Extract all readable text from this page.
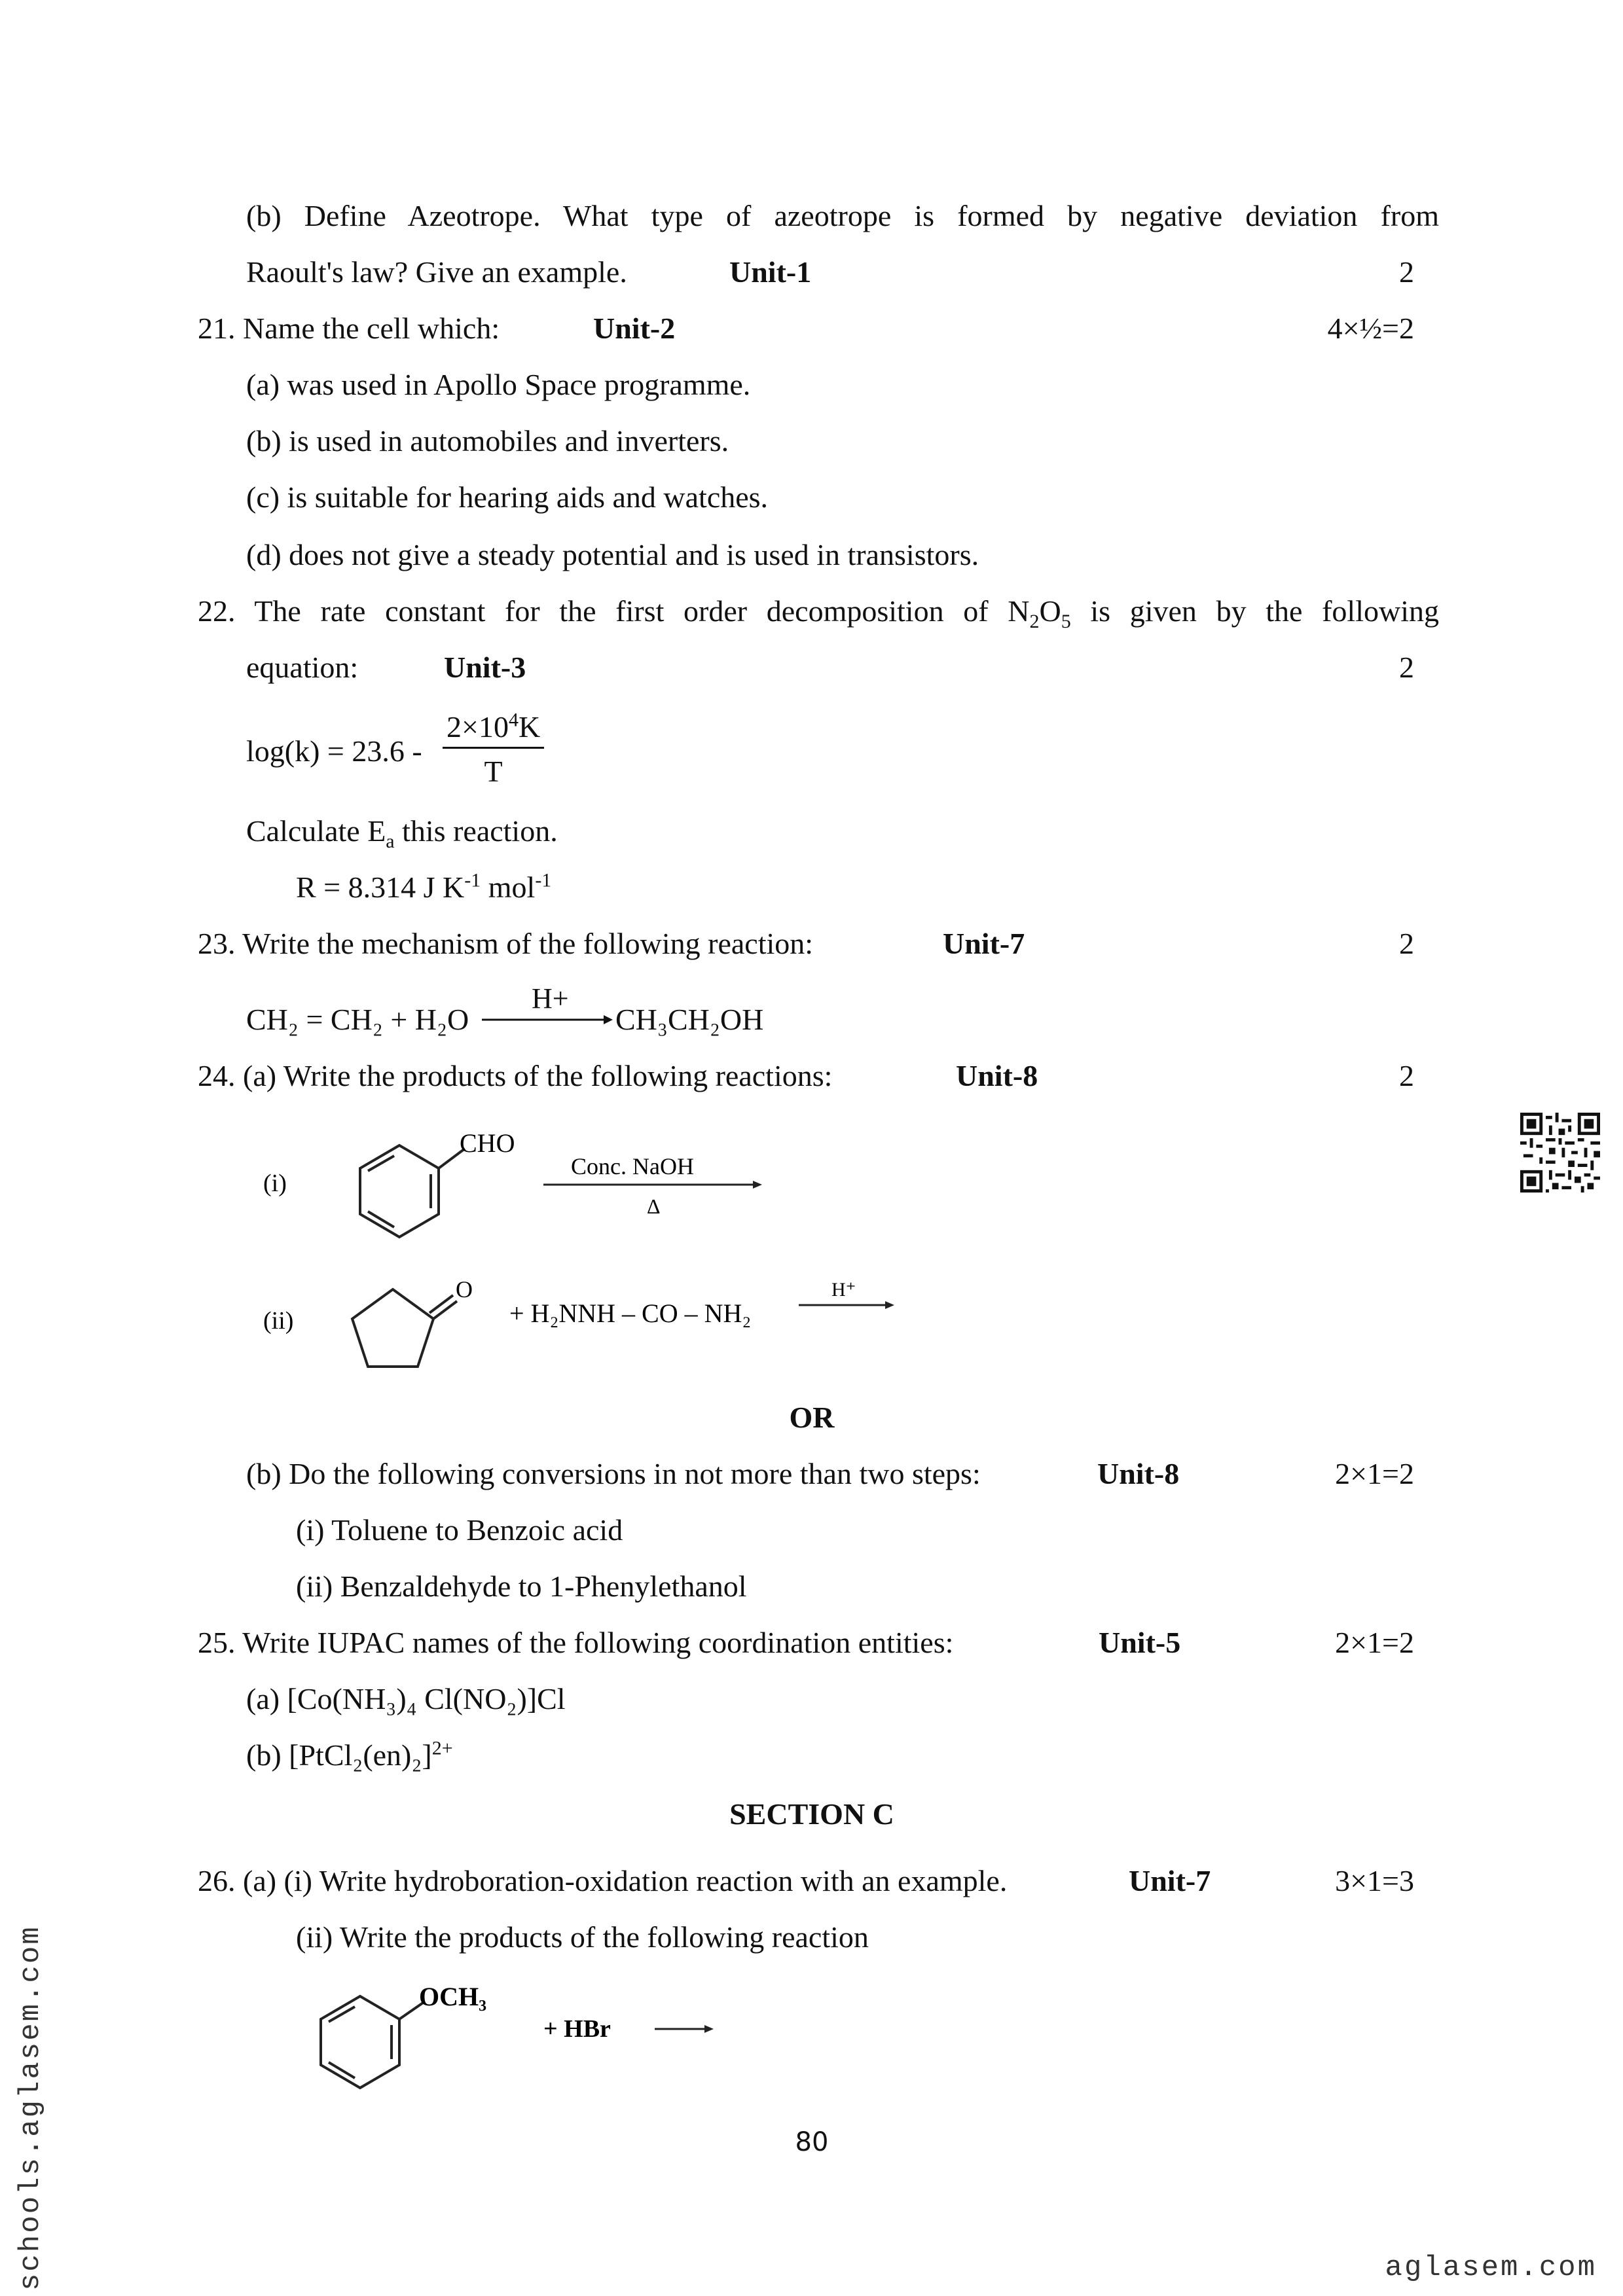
(b) Define Azeotrope. What type of azeotrope is formed by negative deviation from
Raoult's law? Give an example.	Unit-1	2
21. Name the cell which:	Unit-2	4×½=2
(a) was used in Apollo Space programme.
(b) is used in automobiles and inverters.
(c) is suitable for hearing aids and watches.
(d) does not give a steady potential and is used in transistors.
22. The rate constant for the first order decomposition of $N_2O_5$ is given by the following
equation:	Unit-3	2
$\log(k) = 23.6 - \frac{2\times 10^4K}{T}$
Calculate $E_a$ this reaction.
R = 8.314 J $K^{-1}$ mol$^{-1}$
23. Write the mechanism of the following reaction:	Unit-7	2
CH₂ = CH₂ + H₂O
H+
CH₃CH₂OH
24. (a) Write the products of the following reactions:	Unit-8	2
(i)
CHO
Conc. NaOH
Δ
(ii)
O
+ H₂NNH – CO – NH₂
H⁺
OR
(b) Do the following conversions in not more than two steps:	Unit-8	2×1=2
(i) Toluene to Benzoic acid
(ii) Benzaldehyde to 1-Phenylethanol
25. Write IUPAC names of the following coordination entities:	Unit-5	2×1=2
(a) [Co(NH₃)₄ Cl(NO₂)]Cl
(b) [PtCl₂(en)₂]$^{2+}$
SECTION C
26. (a) (i) Write hydroboration-oxidation reaction with an example.	Unit-7	3×1=3
(ii) Write the products of the following reaction
OCH₃
+ HBr
80
schools.aglasem.com	aglasem.com
